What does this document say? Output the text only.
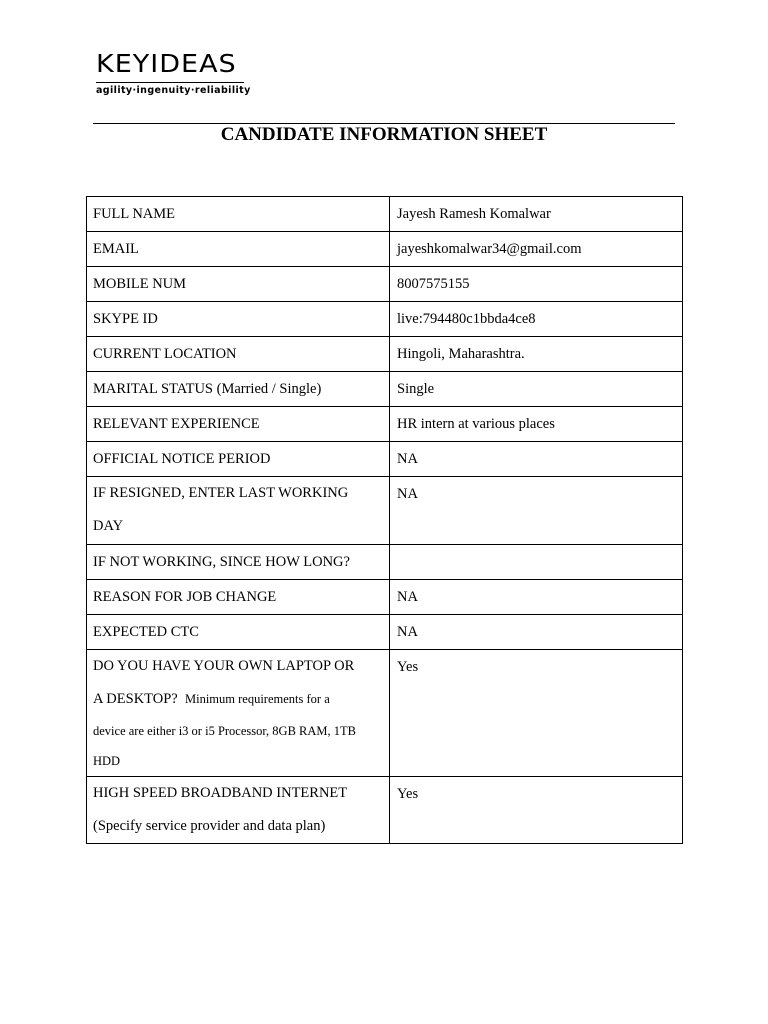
KEYIDEAS
agility·ingenuity·reliability
CANDIDATE INFORMATION SHEET
FULL NAME	Jayesh Ramesh Komalwar
EMAIL	jayeshkomalwar34@gmail.com
MOBILE NUM	8007575155
SKYPE ID	live:794480c1bbda4ce8
CURRENT LOCATION	Hingoli, Maharashtra.
MARITAL STATUS (Married / Single)	Single
RELEVANT EXPERIENCE	HR intern at various places
OFFICIAL NOTICE PERIOD	NA

IF RESIGNED, ENTER LAST WORKING
DAY	NA
IF NOT WORKING, SINCE HOW LONG?	
REASON FOR JOB CHANGE	NA
EXPECTED CTC	NA

DO YOU HAVE YOUR OWN LAPTOP OR
A DESKTOP? Minimum requirements for a
device are either i3 or i5 Processor, 8GB RAM, 1TB
HDD	Yes

HIGH SPEED BROADBAND INTERNET
(Specify service provider and data plan)	Yes
